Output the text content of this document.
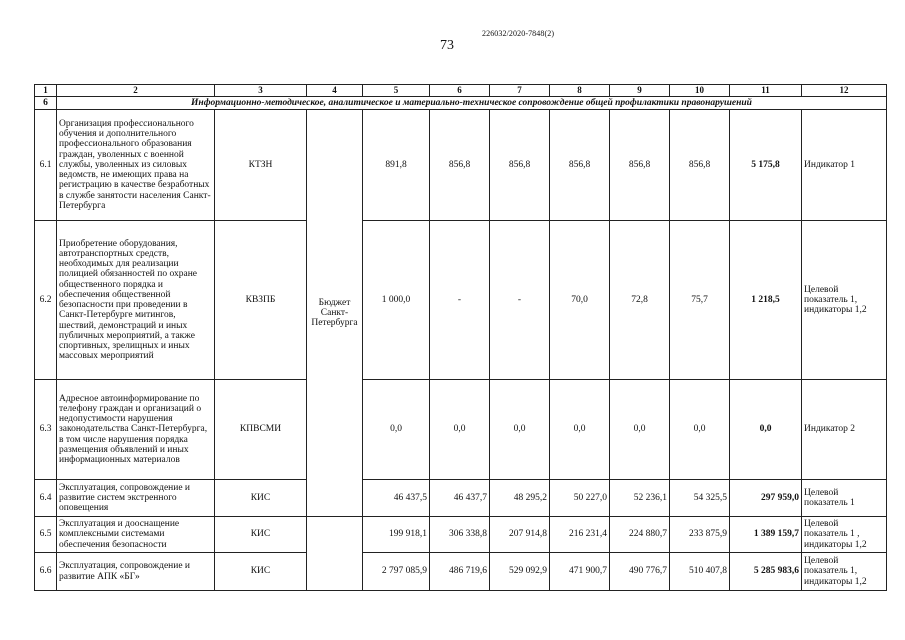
226032/2020-7848(2)
73
1	2	3	4	5	6	7	8	9	10	11	12
6	Информационно-методическое, аналитическое и материально-техническое сопровождение общей профилактики правонарушений										
6.1	Организация профессионального обучения и дополнительного профессионального образования граждан, уволенных с военной службы, уволенных из силовых ведомств, не имеющих права на регистрацию в качестве безработных в службе занятости населения Санкт-Петербурга	КТЗН	Бюджет Санкт-Петербурга	891,8	856,8	856,8	856,8	856,8	856,8	5 175,8	Индикатор 1
6.2	Приобретение оборудования, автотранспортных средств, необходимых для реализации полицией обязанностей по охране общественного порядка и обеспечения общественной безопасности при проведении в Санкт-Петербурге митингов, шествий, демонстраций и иных публичных мероприятий, а также спортивных, зрелищных и иных массовых мероприятий	КВЗПБ		1 000,0	-	-	70,0	72,8	75,7	1 218,5	Целевой показатель 1, индикаторы 1,2
6.3	Адресное автоинформирование по телефону граждан и организаций о недопустимости нарушения законодательства Санкт-Петербурга, в том числе нарушения порядка размещения объявлений и иных информационных материалов	КПВСМИ		0,0	0,0	0,0	0,0	0,0	0,0	0,0	Индикатор 2
6.4	Эксплуатация, сопровождение и развитие систем экстренного оповещения	КИС		46 437,5	46 437,7	48 295,2	50 227,0	52 236,1	54 325,5	297 959,0	Целевой показатель 1
6.5	Эксплуатация и дооснащение комплексными системами обеспечения безопасности	КИС		199 918,1	306 338,8	207 914,8	216 231,4	224 880,7	233 875,9	1 389 159,7	Целевой показатель 1 , индикаторы 1,2
6.6	Эксплуатация, сопровождение и развитие АПК «БГ»	КИС		2 797 085,9	486 719,6	529 092,9	471 900,7	490 776,7	510 407,8	5 285 983,6	Целевой показатель 1, индикаторы 1,2
